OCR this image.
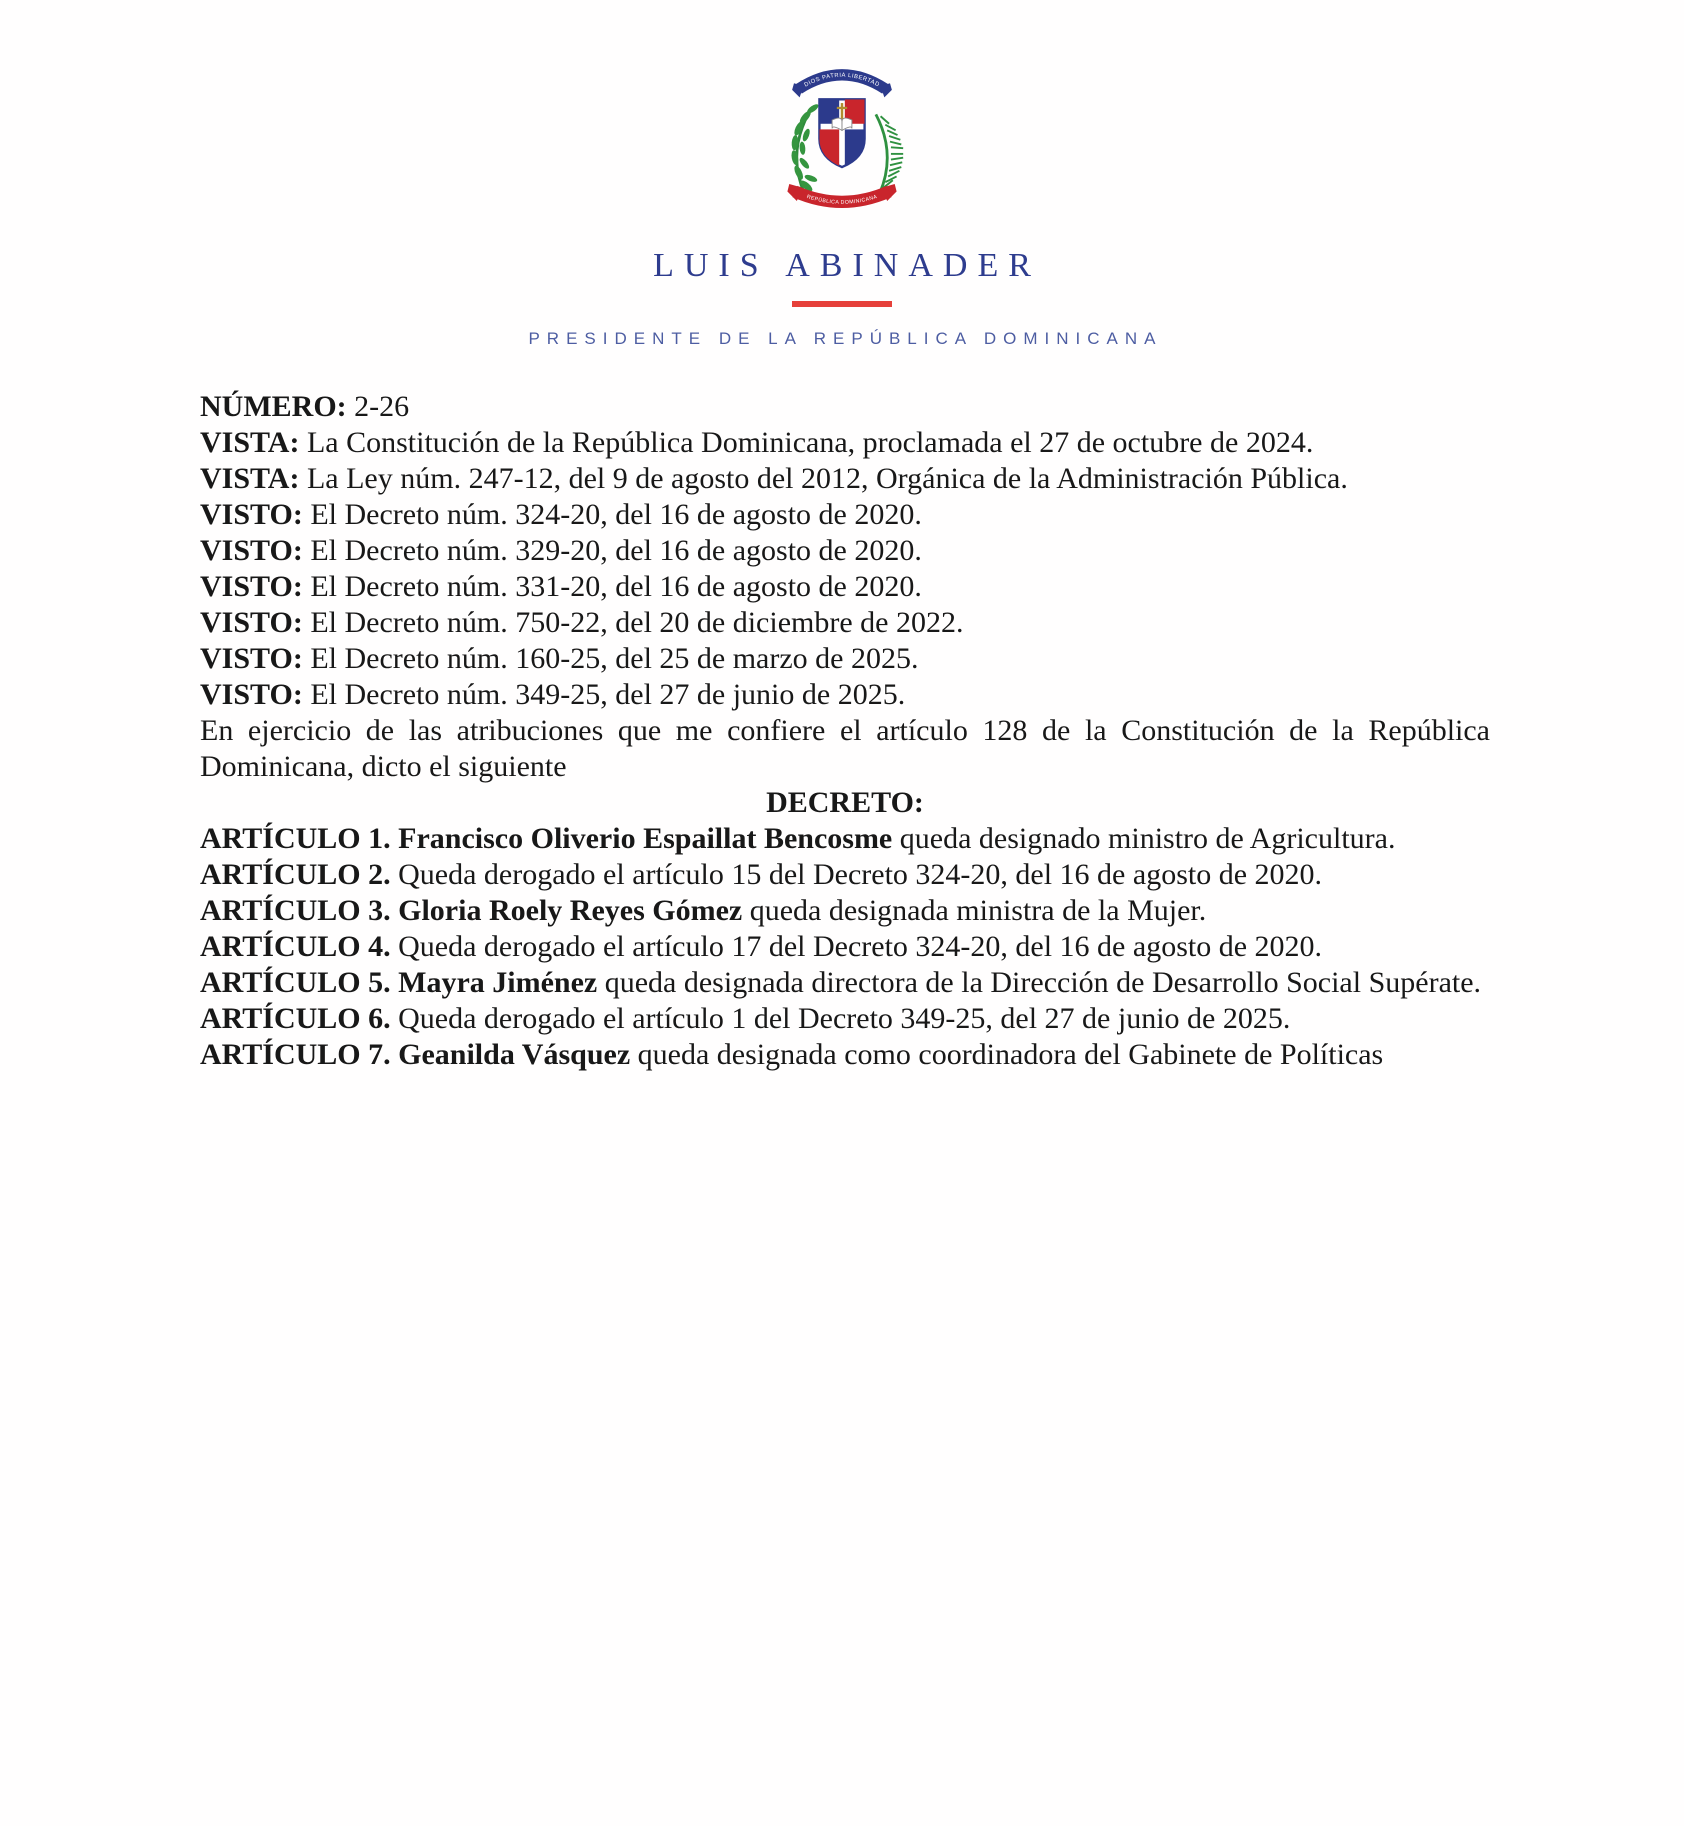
DIOS PATRIA LIBERTAD
REPÚBLICA DOMINICANA
LUIS ABINADER
PRESIDENTE DE LA REPÚBLICA DOMINICANA

NÚMERO: 2-26

VISTA: La Constitución de la República Dominicana, proclamada el 27 de octubre de 2024.

VISTA: La Ley núm. 247-12, del 9 de agosto del 2012, Orgánica de la Administración Pública.

VISTO: El Decreto núm. 324-20, del 16 de agosto de 2020.

VISTO: El Decreto núm. 329-20, del 16 de agosto de 2020.

VISTO: El Decreto núm. 331-20, del 16 de agosto de 2020.

VISTO: El Decreto núm. 750-22, del 20 de diciembre de 2022.

VISTO: El Decreto núm. 160-25, del 25 de marzo de 2025.

VISTO: El Decreto núm. 349-25, del 27 de junio de 2025.

En ejercicio de las atribuciones que me confiere el artículo 128 de la Constitución de la República Dominicana, dicto el siguiente

DECRETO:

ARTÍCULO 1. Francisco Oliverio Espaillat Bencosme queda designado ministro de Agricultura.

ARTÍCULO 2. Queda derogado el artículo 15 del Decreto 324-20, del 16 de agosto de 2020.

ARTÍCULO 3. Gloria Roely Reyes Gómez queda designada ministra de la Mujer.

ARTÍCULO 4. Queda derogado el artículo 17 del Decreto 324-20, del 16 de agosto de 2020.

ARTÍCULO 5. Mayra Jiménez queda designada directora de la Dirección de Desarrollo Social Supérate.

ARTÍCULO 6. Queda derogado el artículo 1 del Decreto 349-25, del 27 de junio de 2025.

ARTÍCULO 7. Geanilda Vásquez queda designada como coordinadora del Gabinete de Políticas
